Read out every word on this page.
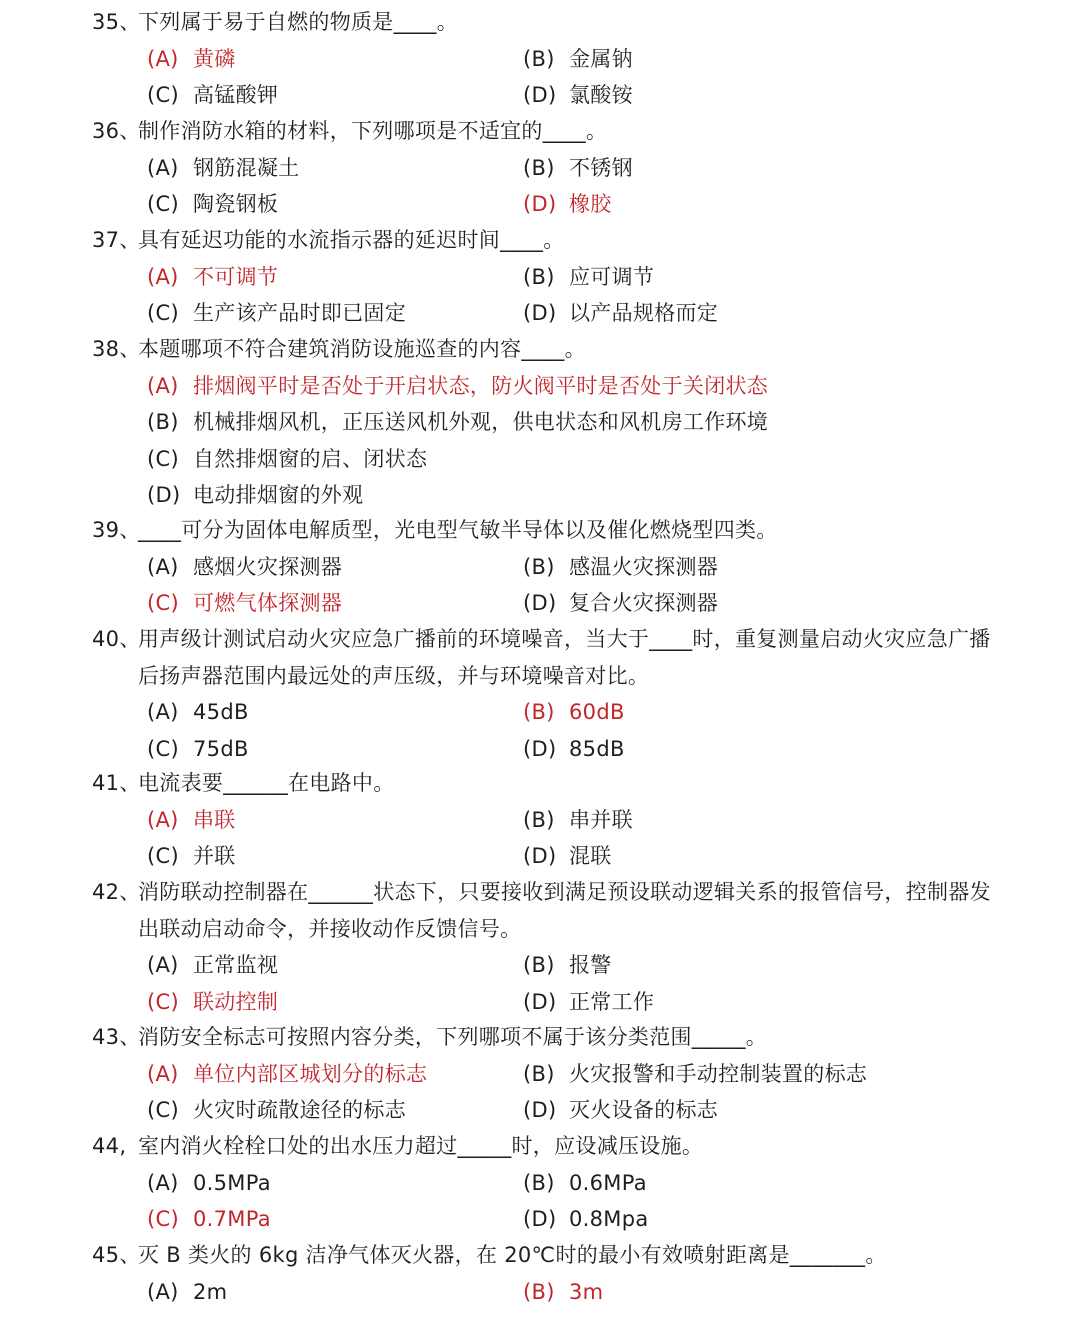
35、
下列属于易于自燃的物质是____。
(A) 黄磷	(B) 金属钠
(C) 高锰酸钾	(D) 氯酸铵
36、
制作消防水箱的材料，下列哪项是不适宜的____。
(A) 钢筋混凝土	(B) 不锈钢
(C) 陶瓷钢板	(D) 橡胶
37、
具有延迟功能的水流指示器的延迟时间____。
(A) 不可调节	(B) 应可调节
(C) 生产该产品时即已固定	(D) 以产品规格而定
38、
本题哪项不符合建筑消防设施巡查的内容____。
(A) 排烟阀平时是否处于开启状态，防火阀平时是否处于关闭状态
(B) 机械排烟风机，正压送风机外观，供电状态和风机房工作环境
(C) 自然排烟窗的启、闭状态
(D) 电动排烟窗的外观
39、
____可分为固体电解质型，光电型气敏半导体以及催化燃烧型四类。
(A) 感烟火灾探测器	(B) 感温火灾探测器
(C) 可燃气体探测器	(D) 复合火灾探测器
40、
用声级计测试启动火灾应急广播前的环境噪音，当大于____时，重复测量启动火灾应急广播后扬声器范围内最远处的声压级，并与环境噪音对比。
(A) 45dB	(B) 60dB
(C) 75dB	(D) 85dB
41、
电流表要______在电路中。
(A) 串联	(B) 串并联
(C) 并联	(D) 混联
42、
消防联动控制器在______状态下，只要接收到满足预设联动逻辑关系的报管信号，控制器发出联动启动命令，并接收动作反馈信号。
(A) 正常监视	(B) 报警
(C) 联动控制	(D) 正常工作
43、
消防安全标志可按照内容分类，下列哪项不属于该分类范围_____。
(A) 单位内部区城划分的标志	(B) 火灾报警和手动控制装置的标志
(C) 火灾时疏散途径的标志	(D) 灭火设备的标志
44, 室内消火栓栓口处的出水压力超过_____时，应设减压设施。
(A) 0.5MPa	(B) 0.6MPa
(C) 0.7MPa	(D) 0.8Mpa
45、
灭 B 类火的 6kg 洁净气体灭火器，在 20℃时的最小有效喷射距离是_______。
(A) 2m	(B) 3m
